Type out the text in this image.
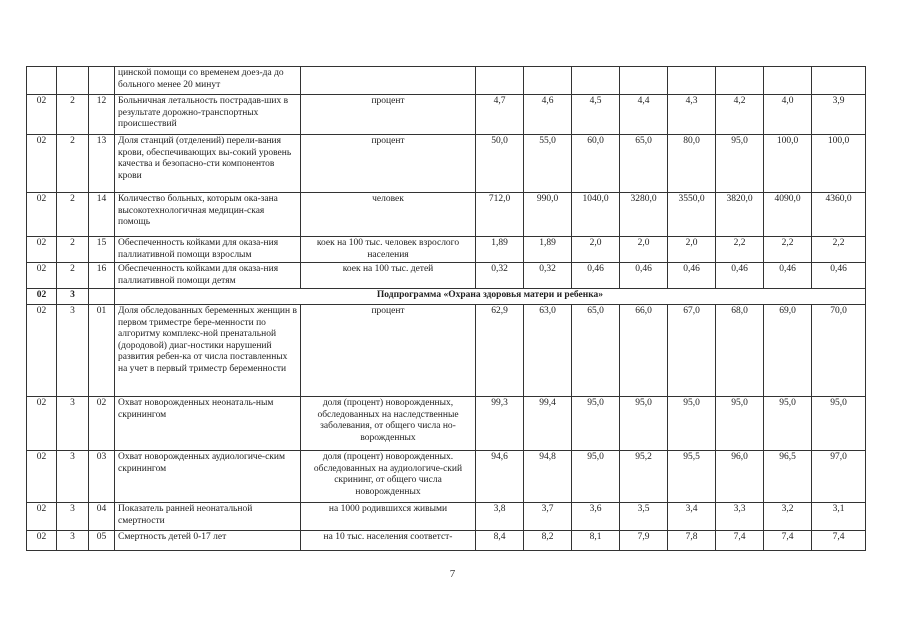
			цинской помощи со временем доез-да до больного менее 20 минут									
02	2	12	Больничная летальность пострадав-ших в результате дорожно-транспортных происшествий	процент	4,7	4,6	4,5	4,4	4,3	4,2	4,0	3,9
02	2	13	Доля станций (отделений) перели-вания крови, обеспечивающих вы-сокий уровень качества и безопасно-сти компонентов крови	процент	50,0	55,0	60,0	65,0	80,0	95,0	100,0	100,0
02	2	14	Количество больных, которым ока-зана высокотехнологичная медицин-ская помощь	человек	712,0	990,0	1040,0	3280,0	3550,0	3820,0	4090,0	4360,0
02	2	15	Обеспеченность койками для оказа-ния паллиативной помощи взрослым	коек на 100 тыс. человек взрослого населения	1,89	1,89	2,0	2,0	2,0	2,2	2,2	2,2
02	2	16	Обеспеченность койками для оказа-ния паллиативной помощи детям	коек на 100 тыс. детей	0,32	0,32	0,46	0,46	0,46	0,46	0,46	0,46
02	3		Подпрограмма «Охрана здоровья матери и ребенка»									
02	3	01	Доля обследованных беременных женщин в первом триместре бере-менности по алгоритму комплекс-ной пренатальной (дородовой) диаг-ностики нарушений развития ребен-ка от числа поставленных на учет в первый триместр беременности	процент	62,9	63,0	65,0	66,0	67,0	68,0	69,0	70,0
02	3	02	Охват новорожденных неонаталь-ным скринингом	доля (процент) новорожденных, обследованных на наследственные заболевания, от общего числа но-ворожденных	99,3	99,4	95,0	95,0	95,0	95,0	95,0	95,0
02	3	03	Охват новорожденных аудиологиче-ским скринингом	доля (процент) новорожденных. обследованных на аудиологиче-ский скрининг, от общего числа новорожденных	94,6	94,8	95,0	95,2	95,5	96,0	96,5	97,0
02	3	04	Показатель ранней неонатальной смертности	на 1000 родившихся живыми	3,8	3,7	3,6	3,5	3,4	3,3	3,2	3,1
02	3	05	Смертность детей 0-17 лет	на 10 тыс. населения соответст-	8,4	8,2	8,1	7,9	7,8	7,4	7,4	7,4
7
